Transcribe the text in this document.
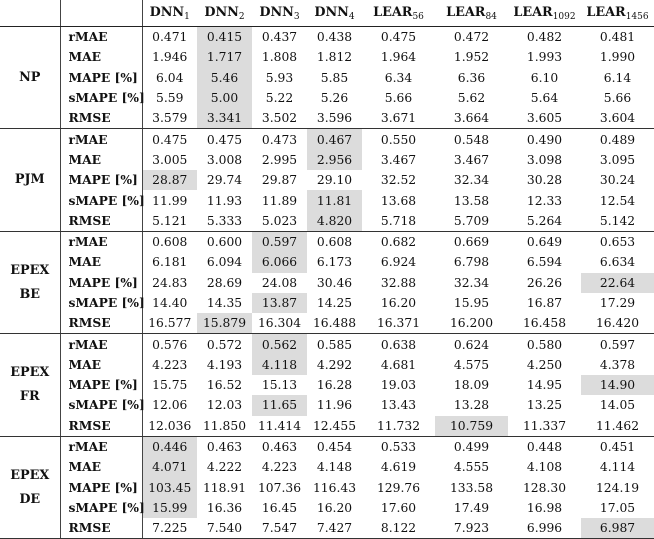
		$DNN_1$	$DNN_2$	$DNN_3$	$DNN_4$	$LEAR_{56}$	$LEAR_{84}$	$LEAR_{1092}$	$LEAR_{1456}$

NP	rMAE	0.471	0.415	0.437	0.438	0.475	0.472	0.482	0.481
	MAE	1.946	1.717	1.808	1.812	1.964	1.952	1.993	1.990
	MAPE [%]	6.04	5.46	5.93	5.85	6.34	6.36	6.10	6.14
	sMAPE [%]	5.59	5.00	5.22	5.26	5.66	5.62	5.64	5.66
	RMSE	3.579	3.341	3.502	3.596	3.671	3.664	3.605	3.604

PJM	rMAE	0.475	0.475	0.473	0.467	0.550	0.548	0.490	0.489
	MAE	3.005	3.008	2.995	2.956	3.467	3.467	3.098	3.095
	MAPE [%]	28.87	29.74	29.87	29.10	32.52	32.34	30.28	30.24
	sMAPE [%]	11.99	11.93	11.89	11.81	13.68	13.58	12.33	12.54
	RMSE	5.121	5.333	5.023	4.820	5.718	5.709	5.264	5.142

EPEX
BE	rMAE	0.608	0.600	0.597	0.608	0.682	0.669	0.649	0.653
	MAE	6.181	6.094	6.066	6.173	6.924	6.798	6.594	6.634
	MAPE [%]	24.83	28.69	24.08	30.46	32.88	32.34	26.26	22.64
	sMAPE [%]	14.40	14.35	13.87	14.25	16.20	15.95	16.87	17.29
	RMSE	16.577	15.879	16.304	16.488	16.371	16.200	16.458	16.420

EPEX
FR	rMAE	0.576	0.572	0.562	0.585	0.638	0.624	0.580	0.597
	MAE	4.223	4.193	4.118	4.292	4.681	4.575	4.250	4.378
	MAPE [%]	15.75	16.52	15.13	16.28	19.03	18.09	14.95	14.90
	sMAPE [%]	12.06	12.03	11.65	11.96	13.43	13.28	13.25	14.05
	RMSE	12.036	11.850	11.414	12.455	11.732	10.759	11.337	11.462

EPEX
DE	rMAE	0.446	0.463	0.463	0.454	0.533	0.499	0.448	0.451
	MAE	4.071	4.222	4.223	4.148	4.619	4.555	4.108	4.114
	MAPE [%]	103.45	118.91	107.36	116.43	129.76	133.58	128.30	124.19
	sMAPE [%]	15.99	16.36	16.45	16.20	17.60	17.49	16.98	17.05
	RMSE	7.225	7.540	7.547	7.427	8.122	7.923	6.996	6.987
